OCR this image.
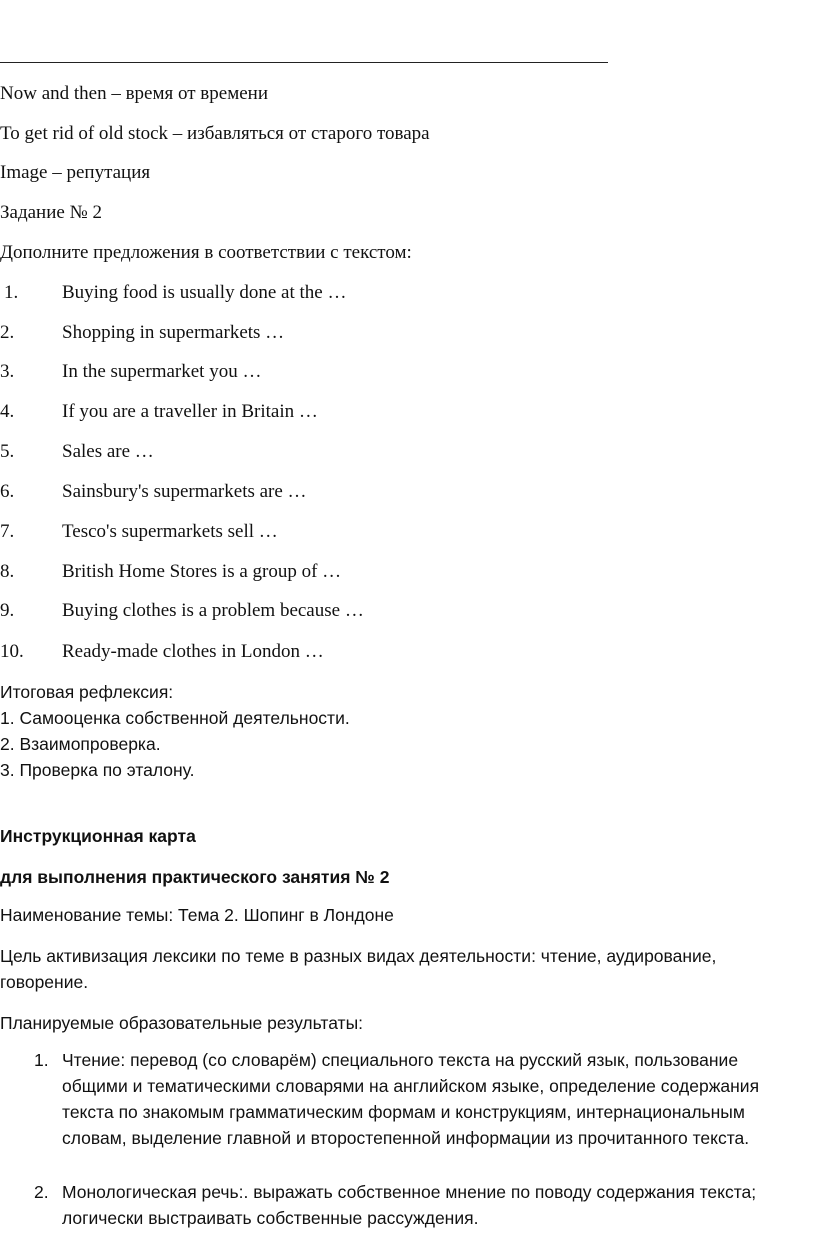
Now and then – время от времени
To get rid of old stock – избавляться от старого товара
Image – репутация
Задание № 2
Дополните предложения в соответствии с текстом:
1. Buying food is usually done at the …
2.	Shopping in supermarkets …
3.	In the supermarket you …
4.	If you are a traveller in Britain …
5.	Sales are …
6.	Sainsbury's supermarkets are …
7.	Tesco's supermarkets sell …
8.	British Home Stores is a group of …
9.	Buying clothes is a problem because …
10. Ready-made clothes in London …
Итоговая рефлексия:
1. Самооценка собственной деятельности.
2. Взаимопроверка.
3. Проверка по эталону.
Инструкционная карта
для выполнения практического занятия № 2
Наименование темы: Тема 2. Шопинг в Лондоне
Цель активизация лексики по теме в разных видах деятельности: чтение, аудирование, говорение.
Планируемые образовательные результаты:
1. Чтение: перевод (со словарём) специального текста на русский язык, пользование общими и тематическими словарями на английском языке, определение содержания текста по знакомым грамматическим формам и конструкциям, интернациональным словам, выделение главной и второстепенной информации из прочитанного текста.
2. Монологическая речь:. выражать собственное мнение по поводу содержания текста; логически выстраивать собственные рассуждения.
